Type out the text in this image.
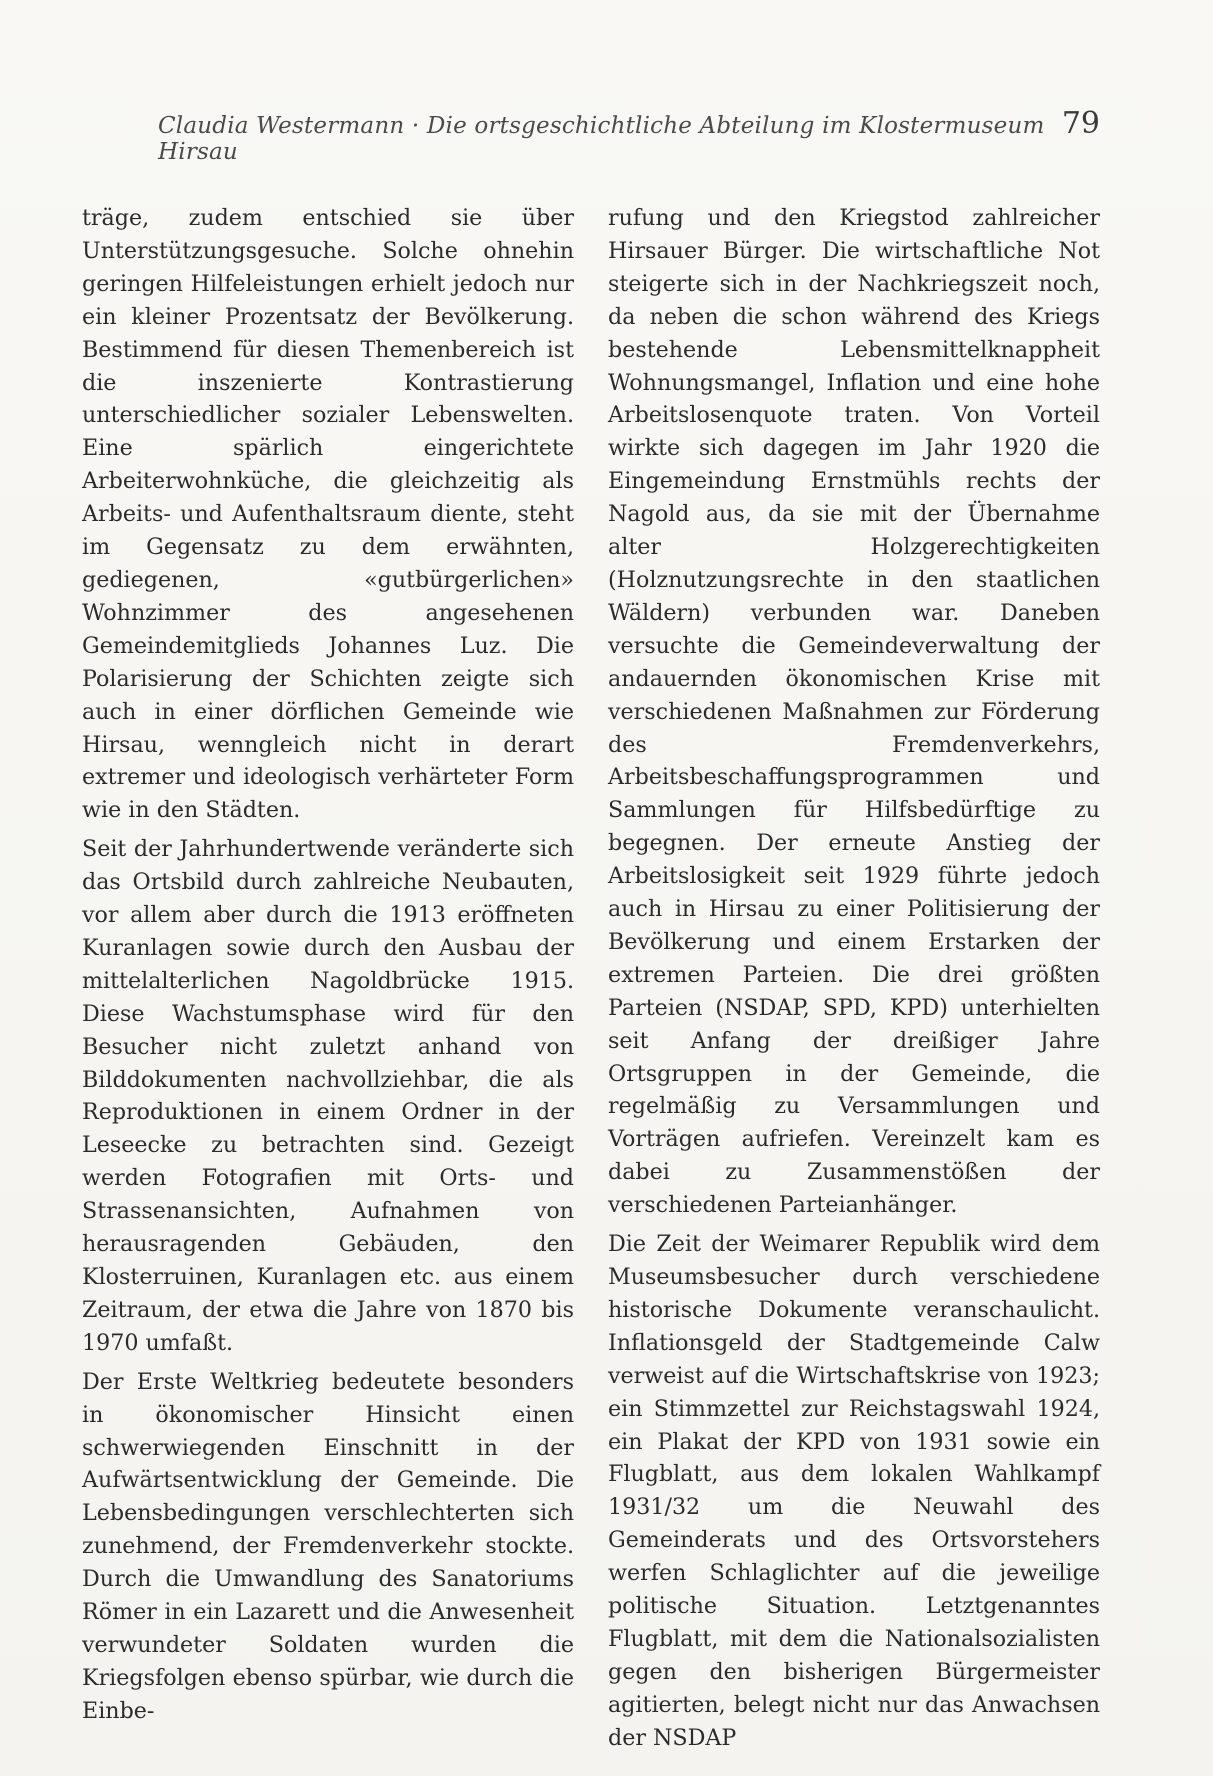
Claudia Westermann · Die ortsgeschichtliche Abteilung im Klostermuseum Hirsau
79

träge, zudem entschied sie über Unterstützungsgesuche. Solche ohnehin geringen Hilfeleistungen erhielt jedoch nur ein kleiner Prozentsatz der Bevölkerung. Bestimmend für diesen Themenbereich ist die inszenierte Kontrastierung unterschiedlicher sozialer Lebenswelten. Eine spärlich eingerichtete Arbeiterwohnküche, die gleichzeitig als Arbeits- und Aufenthaltsraum diente, steht im Gegensatz zu dem erwähnten, gediegenen, «gutbürgerlichen» Wohnzimmer des angesehenen Gemeindemitglieds Johannes Luz. Die Polarisierung der Schichten zeigte sich auch in einer dörflichen Gemeinde wie Hirsau, wenngleich nicht in derart extremer und ideologisch verhärteter Form wie in den Städten.

Seit der Jahrhundertwende veränderte sich das Ortsbild durch zahlreiche Neubauten, vor allem aber durch die 1913 eröffneten Kuranlagen sowie durch den Ausbau der mittelalterlichen Nagoldbrücke 1915. Diese Wachstumsphase wird für den Besucher nicht zuletzt anhand von Bilddokumenten nachvollziehbar, die als Reproduktionen in einem Ordner in der Leseecke zu betrachten sind. Gezeigt werden Fotografien mit Orts- und Strassenansichten, Aufnahmen von herausragenden Gebäuden, den Klosterruinen, Kuranlagen etc. aus einem Zeitraum, der etwa die Jahre von 1870 bis 1970 umfaßt.

Der Erste Weltkrieg bedeutete besonders in ökonomischer Hinsicht einen schwerwiegenden Einschnitt in der Aufwärtsentwicklung der Gemeinde. Die Lebensbedingungen verschlechterten sich zunehmend, der Fremdenverkehr stockte. Durch die Umwandlung des Sanatoriums Römer in ein Lazarett und die Anwesenheit verwundeter Soldaten wurden die Kriegsfolgen ebenso spürbar, wie durch die Einbe-

rufung und den Kriegstod zahlreicher Hirsauer Bürger. Die wirtschaftliche Not steigerte sich in der Nachkriegszeit noch, da neben die schon während des Kriegs bestehende Lebensmittelknappheit Wohnungsmangel, Inflation und eine hohe Arbeitslosenquote traten. Von Vorteil wirkte sich dagegen im Jahr 1920 die Eingemeindung Ernstmühls rechts der Nagold aus, da sie mit der Übernahme alter Holzgerechtigkeiten (Holznutzungsrechte in den staatlichen Wäldern) verbunden war. Daneben versuchte die Gemeindeverwaltung der andauernden ökonomischen Krise mit verschiedenen Maßnahmen zur Förderung des Fremdenverkehrs, Arbeitsbeschaffungsprogrammen und Sammlungen für Hilfsbedürftige zu begegnen. Der erneute Anstieg der Arbeitslosigkeit seit 1929 führte jedoch auch in Hirsau zu einer Politisierung der Bevölkerung und einem Erstarken der extremen Parteien. Die drei größten Parteien (NSDAP, SPD, KPD) unterhielten seit Anfang der dreißiger Jahre Ortsgruppen in der Gemeinde, die regelmäßig zu Versammlungen und Vorträgen aufriefen. Vereinzelt kam es dabei zu Zusammenstößen der verschiedenen Parteianhänger.

Die Zeit der Weimarer Republik wird dem Museumsbesucher durch verschiedene historische Dokumente veranschaulicht. Inflationsgeld der Stadtgemeinde Calw verweist auf die Wirtschaftskrise von 1923; ein Stimmzettel zur Reichstagswahl 1924, ein Plakat der KPD von 1931 sowie ein Flugblatt, aus dem lokalen Wahlkampf 1931/32 um die Neuwahl des Gemeinderats und des Ortsvorstehers werfen Schlaglichter auf die jeweilige politische Situation. Letztgenanntes Flugblatt, mit dem die Nationalsozialisten gegen den bisherigen Bürgermeister agitierten, belegt nicht nur das Anwachsen der NSDAP
